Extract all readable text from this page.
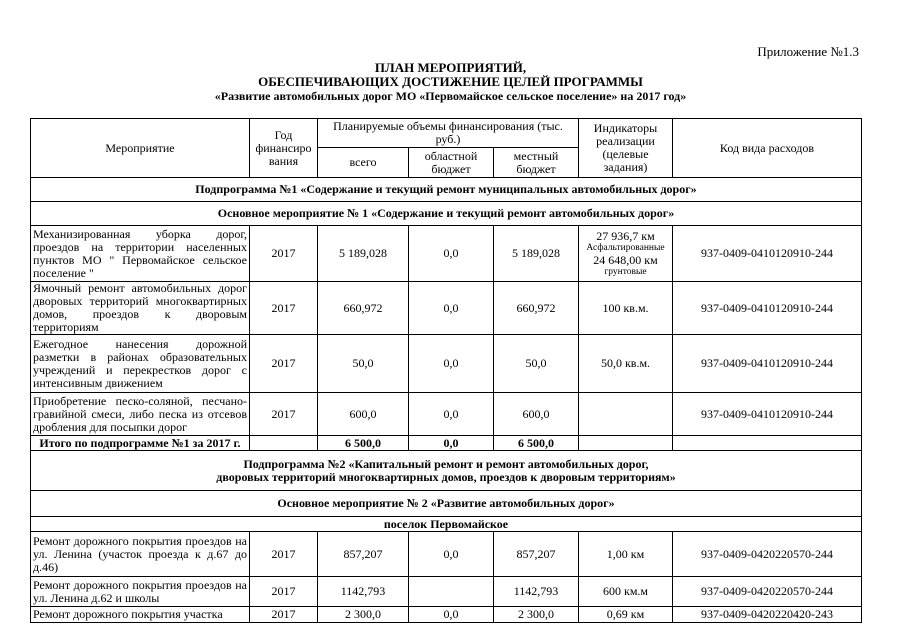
Приложение №1.3
ПЛАН МЕРОПРИЯТИЙ,
ОБЕСПЕЧИВАЮЩИХ ДОСТИЖЕНИЕ ЦЕЛЕЙ ПРОГРАММЫ
«Развитие автомобильных дорог МО «Первомайское сельское поселение» на 2017 год»
Мероприятие	Год финансиро вания	Планируемые объемы финансирования (тыс. руб.)			Индикаторы реализации (целевые задания)	Код вида расходов
		всего	областной бюджет	местный бюджет		
Подпрограмма №1 «Содержание и текущий ремонт муниципальных автомобильных дорог»						
Основное мероприятие № 1 «Содержание и текущий ремонт автомобильных дорог»						
Механизированная уборка дорог, проездов на территории населенных пунктов МО " Первомайское сельское поселение "	2017	5 189,028	0,0	5 189,028	27 936,7 км
Асфальтированные
24 648,00 км
грунтовые	937-0409-0410120910-244
Ямочный ремонт автомобильных дорог дворовых территорий многоквартирных домов, проездов к дворовым территориям	2017	660,972	0,0	660,972	100 кв.м.	937-0409-0410120910-244
Ежегодное нанесения дорожной разметки в районах образовательных учреждений и перекрестков дорог с интенсивным движением	2017	50,0	0,0	50,0	50,0 кв.м.	937-0409-0410120910-244
Приобретение песко-соляной, песчано-гравийной смеси, либо песка из отсевов дробления для посыпки дорог	2017	600,0	0,0	600,0		937-0409-0410120910-244
Итого по подпрограмме №1 за 2017 г.		6 500,0	0,0	6 500,0		

Подпрограмма №2 «Капитальный ремонт и ремонт автомобильных дорог,
дворовых территорий многоквартирных домов, проездов к дворовым территориям»						

Основное мероприятие № 2 «Развитие автомобильных дорог»						
поселок Первомайское						
Ремонт дорожного покрытия проездов на ул. Ленина (участок проезда к д.67 до д.46)	2017	857,207	0,0	857,207	1,00 км	937-0409-0420220570-244
Ремонт дорожного покрытия проездов на ул. Ленина д.62 и школы	2017	1142,793		1142,793	600 км.м	937-0409-0420220570-244
Ремонт дорожного покрытия участка	2017	2 300,0	0,0	2 300,0	0,69 км	937-0409-0420220420-243
